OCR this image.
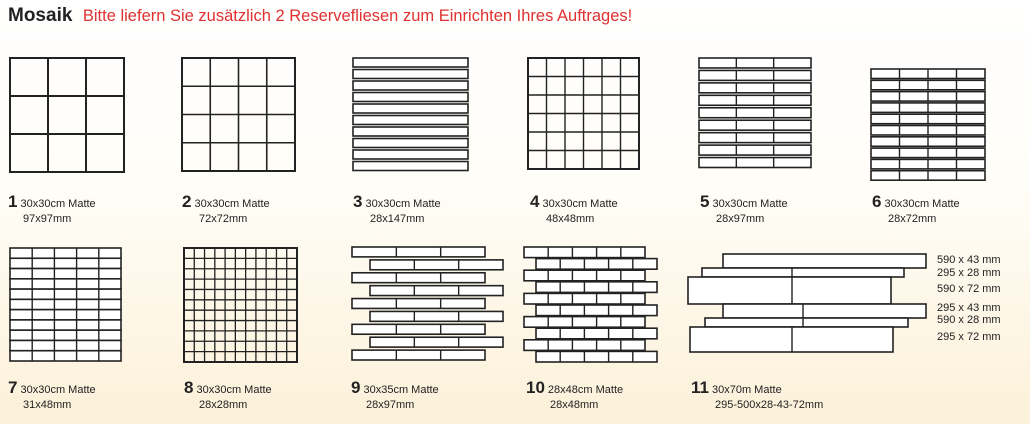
Mosaik Bitte liefern Sie zusätzlich 2 Reservefliesen zum Einrichten Ihres Auftrages!
1 30x30cm Matte
97x97mm
2 30x30cm Matte
72x72mm
3 30x30cm Matte
28x147mm
4 30x30cm Matte
48x48mm
5 30x30cm Matte
28x97mm
6 30x30cm Matte
28x72mm
7 30x30cm Matte
31x48mm
8 30x30cm Matte
28x28mm
9 30x35cm Matte
28x97mm
10 28x48cm Matte
28x48mm
11 30x70m Matte
295-500x28-43-72mm
590 x 43 mm
295 x 28 mm
590 x 72 mm
295 x 43 mm
590 x 28 mm
295 x 72 mm
